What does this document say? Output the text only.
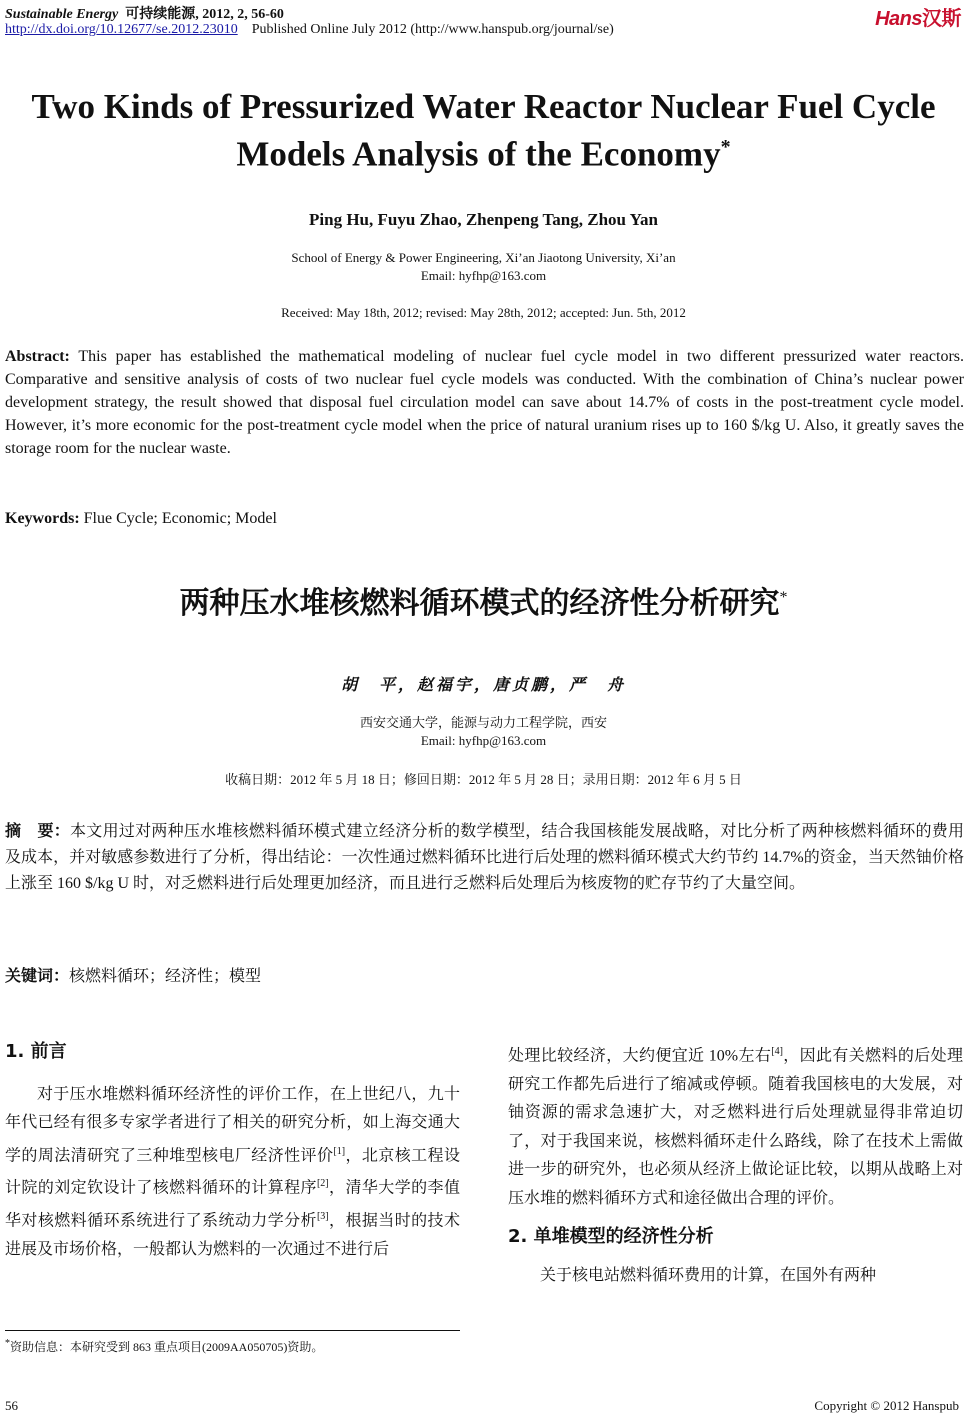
Sustainable Energy 可持续能源, 2012, 2, 56-60
http://dx.doi.org/10.12677/se.2012.23010 Published Online July 2012 (http://www.hanspub.org/journal/se)	Hans汉斯
Two Kinds of Pressurized Water Reactor Nuclear Fuel Cycle
Models Analysis of the Economy*
Ping Hu, Fuyu Zhao, Zhenpeng Tang, Zhou Yan
School of Energy & Power Engineering, Xi’an Jiaotong University, Xi’an
Email: hyfhp@163.com
Received: May 18th, 2012; revised: May 28th, 2012; accepted: Jun. 5th, 2012
Abstract: This paper has established the mathematical modeling of nuclear fuel cycle model in two different pressurized water reactors. Comparative and sensitive analysis of costs of two nuclear fuel cycle models was conducted. With the combination of China’s nuclear power development strategy, the result showed that disposal fuel circulation model can save about 14.7% of costs in the post-treatment cycle model. However, it’s more economic for the post-treatment cycle model when the price of natural uranium rises up to 160 $/kg U. Also, it greatly saves the storage room for the nuclear waste.
Keywords: Flue Cycle; Economic; Model
两种压水堆核燃料循环模式的经济性分析研究*
胡　平，赵福宇，唐贞鹏，严　舟
西安交通大学，能源与动力工程学院，西安
Email: hyfhp@163.com
收稿日期：2012 年 5 月 18 日；修回日期：2012 年 5 月 28 日；录用日期：2012 年 6 月 5 日
摘　要：本文用过对两种压水堆核燃料循环模式建立经济分析的数学模型，结合我国核能发展战略，对比分析了两种核燃料循环的费用及成本，并对敏感参数进行了分析，得出结论：一次性通过燃料循环比进行后处理的燃料循环模式大约节约 14.7%的资金，当天然铀价格上涨至 160 $/kg U 时，对乏燃料进行后处理更加经济，而且进行乏燃料后处理后为核废物的贮存节约了大量空间。
关键词：核燃料循环；经济性；模型

1. 前言

对于压水堆燃料循环经济性的评价工作，在上世纪八，九十年代已经有很多专家学者进行了相关的研究分析，如上海交通大学的周法清研究了三种堆型核电厂经济性评价[1]，北京核工程设计院的刘定钦设计了核燃料循环的计算程序[2]，清华大学的李值华对核燃料循环系统进行了系统动力学分析[3]，根据当时的技术进展及市场价格，一般都认为燃料的一次通过不进行后

处理比较经济，大约便宜近 10%左右[4]，因此有关燃料的后处理研究工作都先后进行了缩减或停顿。随着我国核电的大发展，对铀资源的需求急速扩大，对乏燃料进行后处理就显得非常迫切了，对于我国来说，核燃料循环走什么路线，除了在技术上需做进一步的研究外，也必须从经济上做论证比较，以期从战略上对压水堆的燃料循环方式和途径做出合理的评价。

2. 单堆模型的经济性分析

关于核电站燃料循环费用的计算，在国外有两种

*资助信息：本研究受到 863 重点项目(2009AA050705)资助。
56	Copyright © 2012 Hanspub
